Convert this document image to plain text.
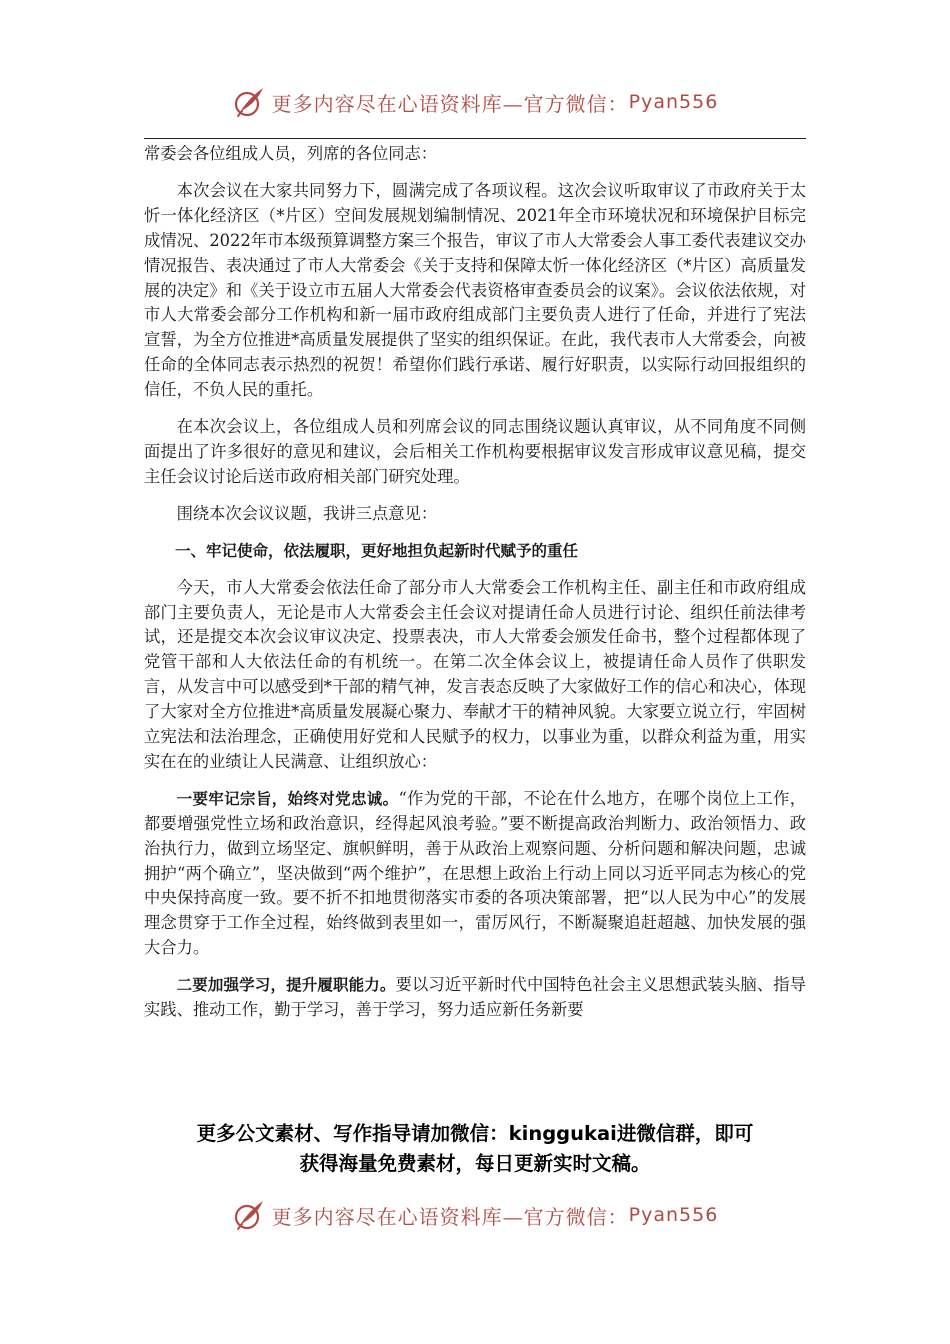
更多内容尽在心语资料库—官方微信： Pyan556

常委会各位组成人员，列席的各位同志：

本次会议在大家共同努力下，圆满完成了各项议程。这次会议听取审议了市政府关于太忻一体化经济区（*片区）空间发展规划编制情况、2021年全市环境状况和环境保护目标完成情况、2022年市本级预算调整方案三个报告，审议了市人大常委会人事工委代表建议交办情况报告、表决通过了市人大常委会《关于支持和保障太忻一体化经济区（*片区）高质量发展的决定》和《关于设立市五届人大常委会代表资格审查委员会的议案》。会议依法依规，对市人大常委会部分工作机构和新一届市政府组成部门主要负责人进行了任命，并进行了宪法宣誓，为全方位推进*高质量发展提供了坚实的组织保证。在此，我代表市人大常委会，向被任命的全体同志表示热烈的祝贺！希望你们践行承诺、履行好职责，以实际行动回报组织的信任，不负人民的重托。

在本次会议上，各位组成人员和列席会议的同志围绕议题认真审议，从不同角度不同侧面提出了许多很好的意见和建议，会后相关工作机构要根据审议发言形成审议意见稿，提交主任会议讨论后送市政府相关部门研究处理。

围绕本次会议议题，我讲三点意见：

一、牢记使命，依法履职，更好地担负起新时代赋予的重任

今天，市人大常委会依法任命了部分市人大常委会工作机构主任、副主任和市政府组成部门主要负责人，无论是市人大常委会主任会议对提请任命人员进行讨论、组织任前法律考试，还是提交本次会议审议决定、投票表决，市人大常委会颁发任命书，整个过程都体现了党管干部和人大依法任命的有机统一。在第二次全体会议上，被提请任命人员作了供职发言，从发言中可以感受到*干部的精气神，发言表态反映了大家做好工作的信心和决心，体现了大家对全方位推进*高质量发展凝心聚力、奉献才干的精神风貌。大家要立说立行，牢固树立宪法和法治理念，正确使用好党和人民赋予的权力，以事业为重，以群众利益为重，用实实在在的业绩让人民满意、让组织放心：

一要牢记宗旨，始终对党忠诚。“作为党的干部，不论在什么地方，在哪个岗位上工作，都要增强党性立场和政治意识，经得起风浪考验。”要不断提高政治判断力、政治领悟力、政治执行力，做到立场坚定、旗帜鲜明，善于从政治上观察问题、分析问题和解决问题，忠诚拥护“两个确立”，坚决做到“两个维护”，在思想上政治上行动上同以习近平同志为核心的党中央保持高度一致。要不折不扣地贯彻落实市委的各项决策部署，把“以人民为中心”的发展理念贯穿于工作全过程，始终做到表里如一，雷厉风行，不断凝聚追赶超越、加快发展的强大合力。

二要加强学习，提升履职能力。要以习近平新时代中国特色社会主义思想武装头脑、指导实践、推动工作，勤于学习，善于学习，努力适应新任务新要

更多公文素材、写作指导请加微信：kinggukai进微信群，即可
获得海量免费素材，每日更新实时文稿。
更多内容尽在心语资料库—官方微信： Pyan556
